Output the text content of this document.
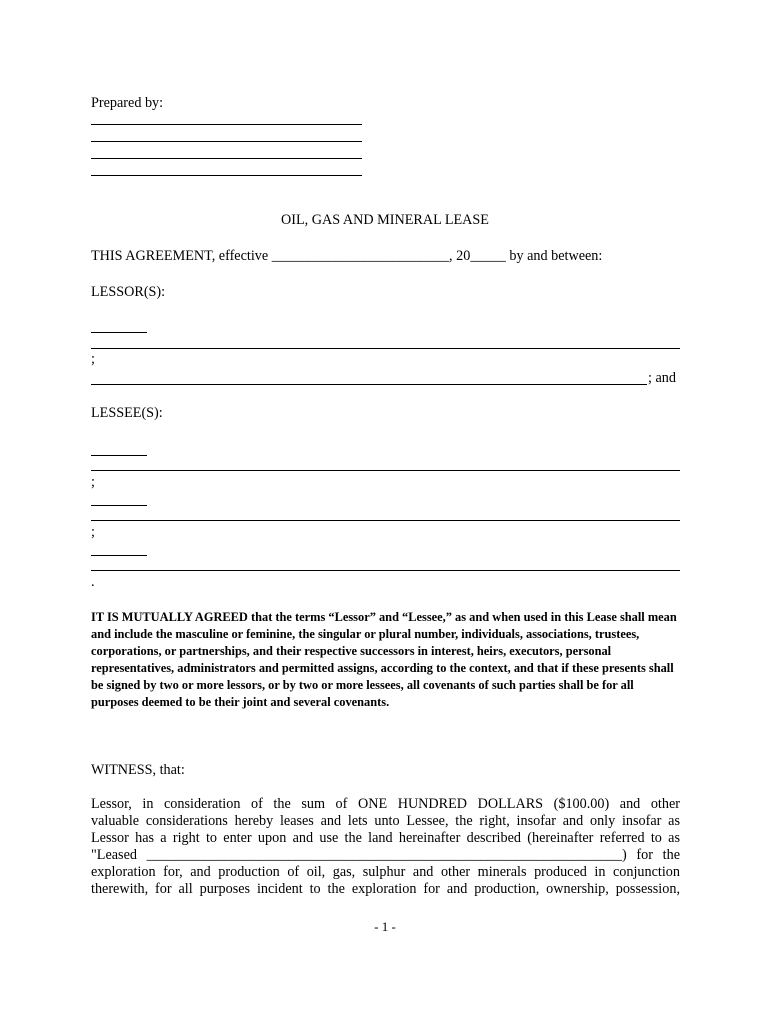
Prepared by:
OIL, GAS AND MINERAL LEASE
THIS AGREEMENT, effective _________________________, 20_____ by and between:
LESSOR(S):
;
; and
LESSEE(S):
;
;
.
IT IS MUTUALLY AGREED that the terms “Lessor” and “Lessee,” as and when used in this Lease shall mean and include the masculine or feminine, the singular or plural number, individuals, associations, trustees, corporations, or partnerships, and their respective successors in interest, heirs, executors, personal representatives, administrators and permitted assigns, according to the context, and that if these presents shall be signed by two or more lessors, or by two or more lessees, all covenants of such parties shall be for all purposes deemed to be their joint and several covenants.
WITNESS, that:
Lessor, in consideration of the sum of ONE HUNDRED DOLLARS ($100.00) and other
valuable considerations hereby leases and lets unto Lessee, the right, insofar and only insofar as
Lessor has a right to enter upon and use the land hereinafter described (hereinafter referred to as
"Leased ___________________________________________________________________) for the
exploration for, and production of oil, gas, sulphur and other minerals produced in conjunction
therewith, for all purposes incident to the exploration for and production, ownership, possession,
- 1 -
